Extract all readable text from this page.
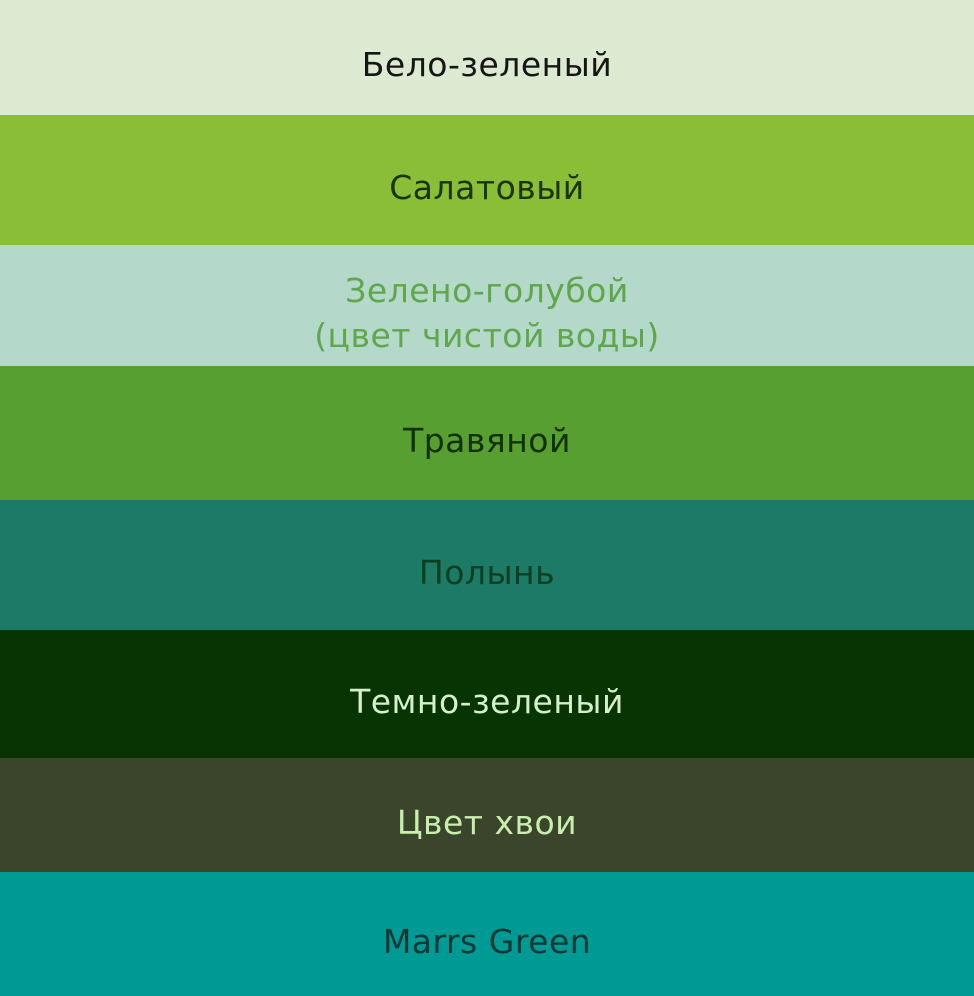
Бело-зеленый
Салатовый
Зелено-голубой
(цвет чистой воды)
Травяной
Полынь
Темно-зеленый
Цвет хвои
Marrs Green
